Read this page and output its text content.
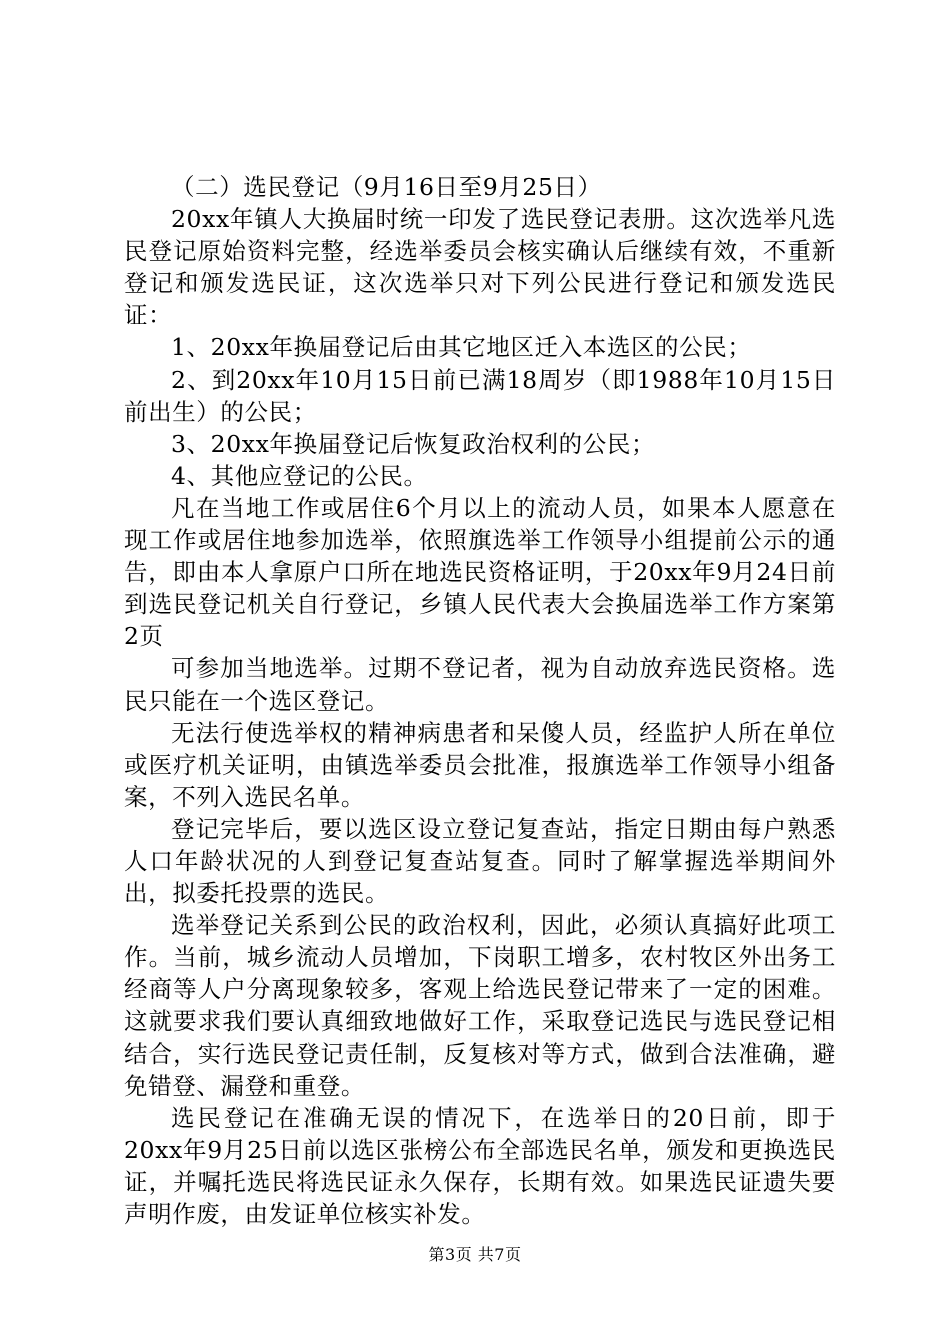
（二）选民登记（9月16日至9月25日）

20xx年镇人大换届时统一印发了选民登记表册。这次选举凡选民登记原始资料完整，经选举委员会核实确认后继续有效，不重新登记和颁发选民证，这次选举只对下列公民进行登记和颁发选民证：

1、20xx年换届登记后由其它地区迁入本选区的公民；

2、到20xx年10月15日前已满18周岁（即1988年10月15日前出生）的公民；

3、20xx年换届登记后恢复政治权利的公民；

4、其他应登记的公民。

凡在当地工作或居住6个月以上的流动人员，如果本人愿意在现工作或居住地参加选举，依照旗选举工作领导小组提前公示的通告，即由本人拿原户口所在地选民资格证明，于20xx年9月24日前到选民登记机关自行登记，乡镇人民代表大会换届选举工作方案第2页

可参加当地选举。过期不登记者，视为自动放弃选民资格。选民只能在一个选区登记。

无法行使选举权的精神病患者和呆傻人员，经监护人所在单位或医疗机关证明，由镇选举委员会批准，报旗选举工作领导小组备案，不列入选民名单。

登记完毕后，要以选区设立登记复查站，指定日期由每户熟悉人口年龄状况的人到登记复查站复查。同时了解掌握选举期间外出，拟委托投票的选民。

选举登记关系到公民的政治权利，因此，必须认真搞好此项工作。当前，城乡流动人员增加，下岗职工增多，农村牧区外出务工经商等人户分离现象较多，客观上给选民登记带来了一定的困难。这就要求我们要认真细致地做好工作，采取登记选民与选民登记相结合，实行选民登记责任制，反复核对等方式，做到合法准确，避免错登、漏登和重登。

选民登记在准确无误的情况下，在选举日的20日前，即于20xx年9月25日前以选区张榜公布全部选民名单，颁发和更换选民证，并嘱托选民将选民证永久保存，长期有效。如果选民证遗失要声明作废，由发证单位核实补发。

第3页 共7页
